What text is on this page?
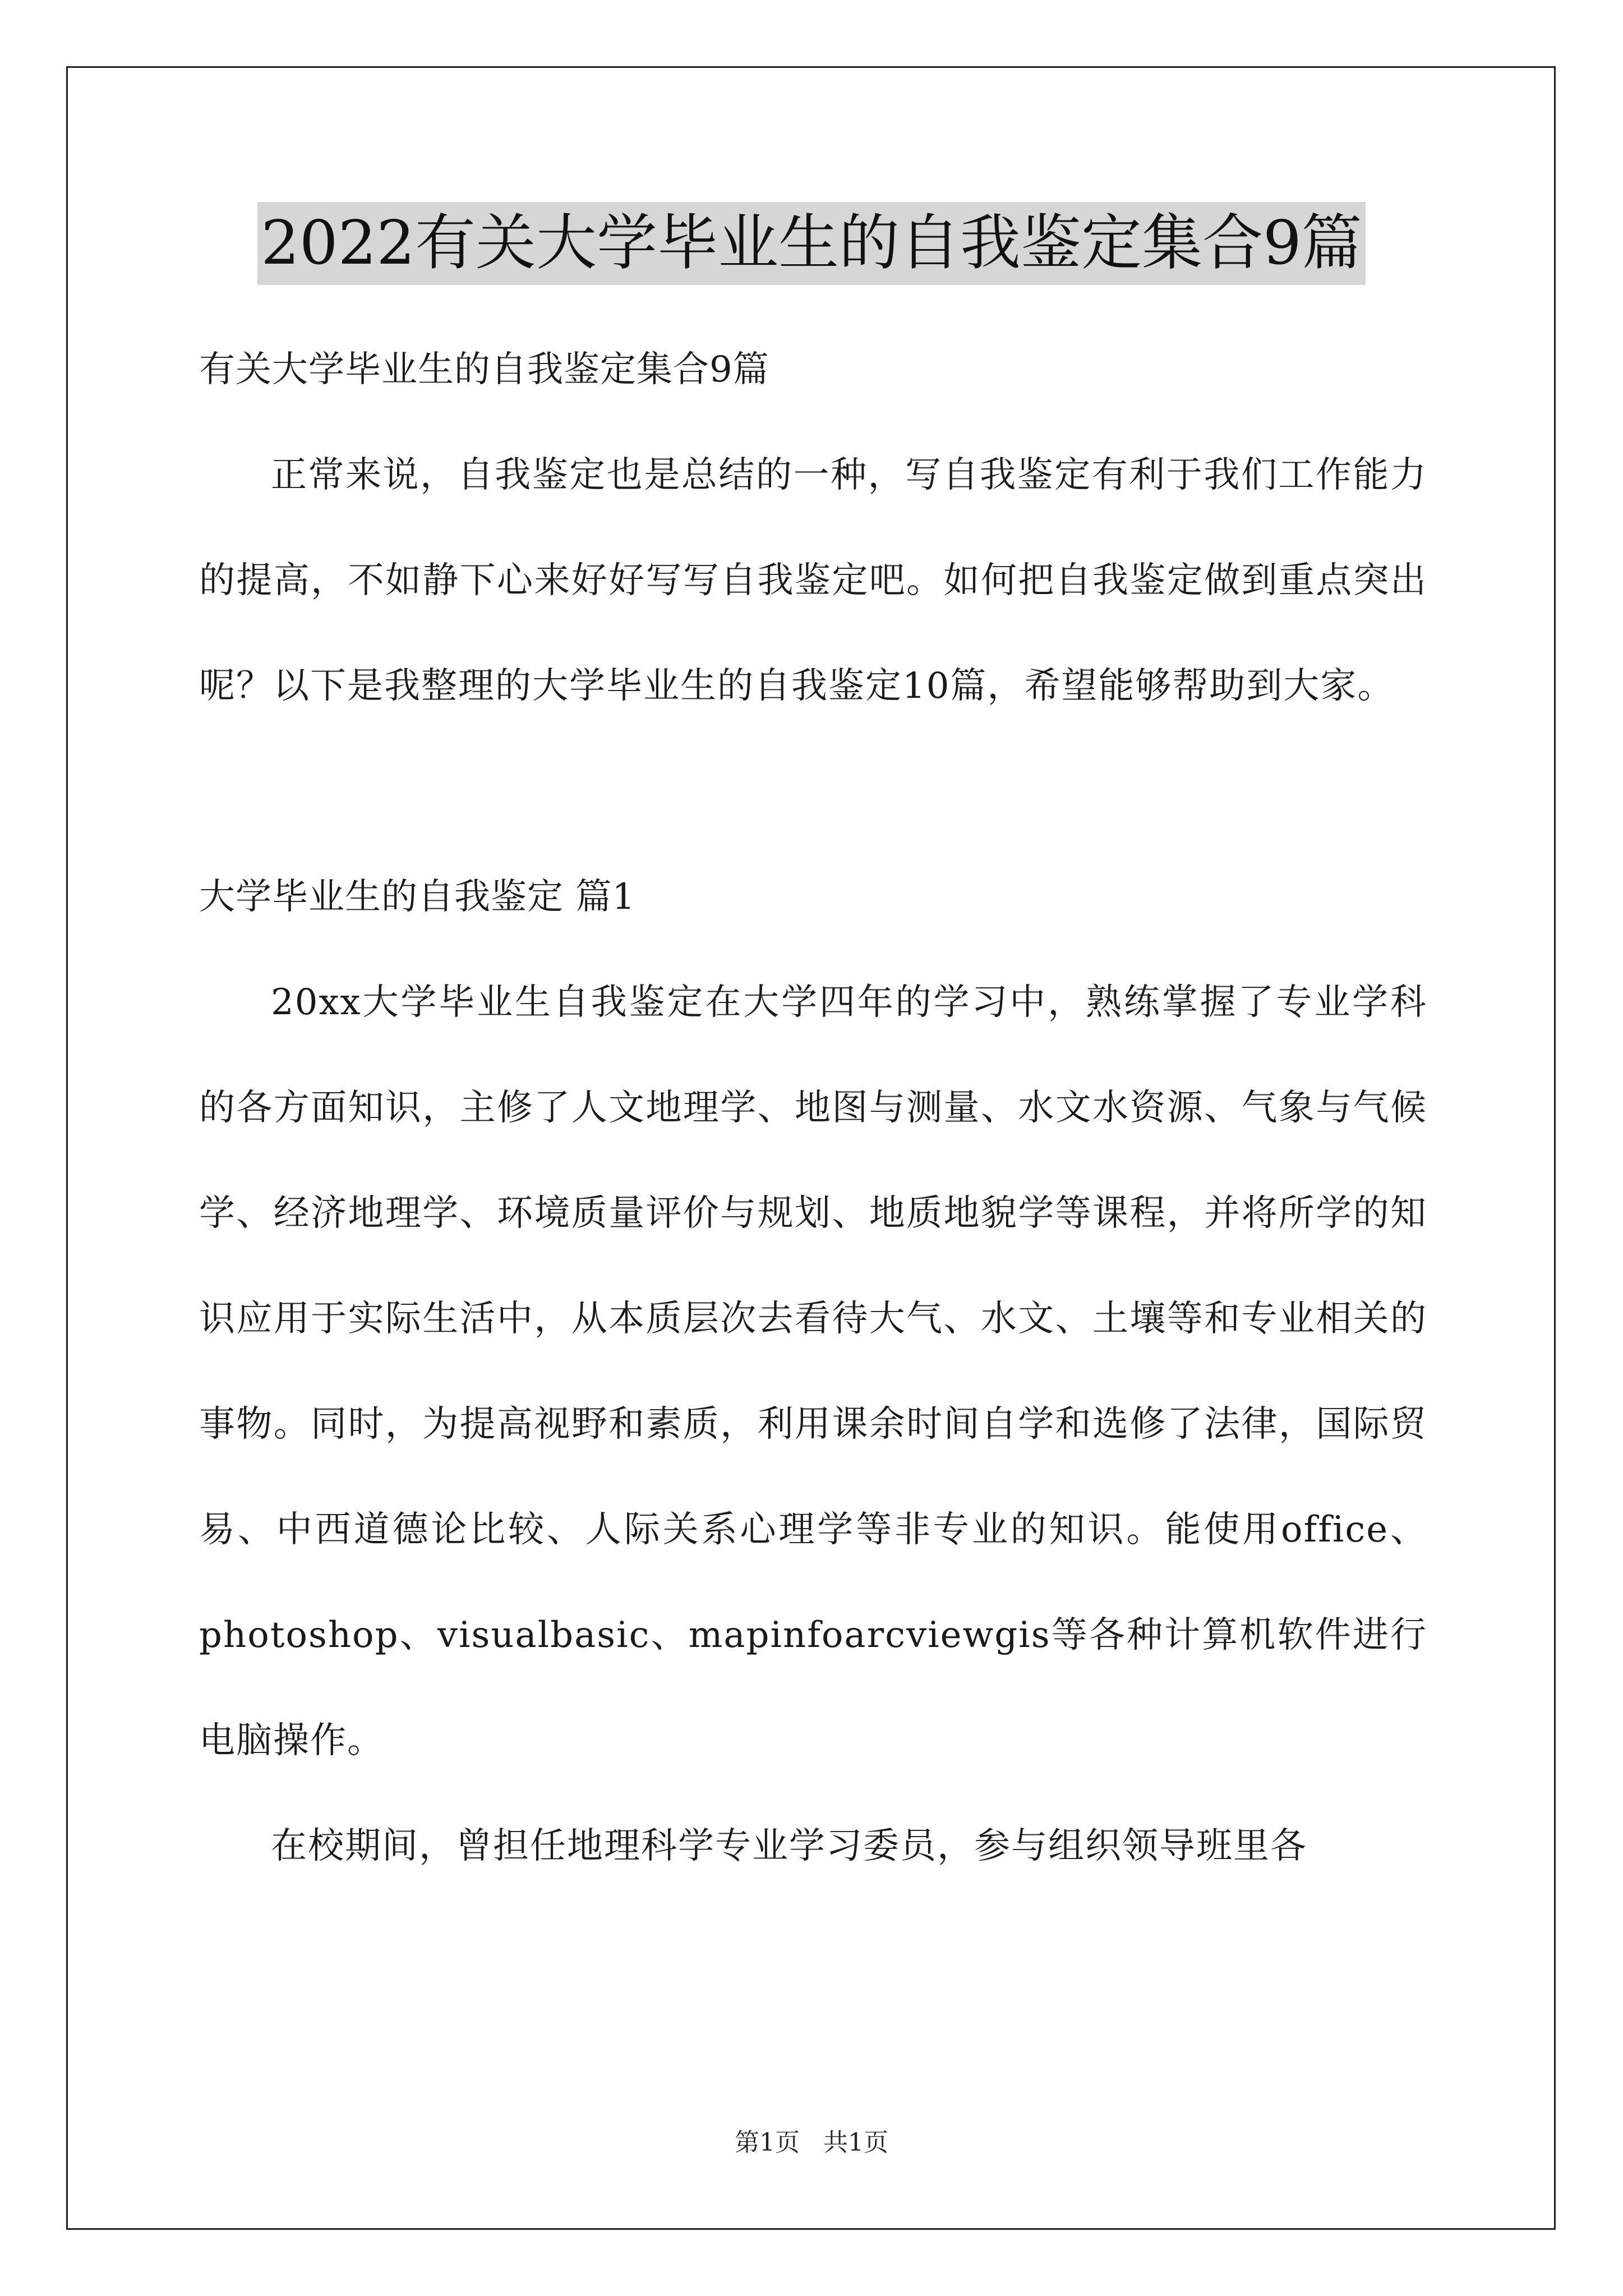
2022有关大学毕业生的自我鉴定集合9篇

有关大学毕业生的自我鉴定集合9篇

正常来说，自我鉴定也是总结的一种，写自我鉴定有利于我们工作能力的提高，不如静下心来好好写写自我鉴定吧。如何把自我鉴定做到重点突出呢？以下是我整理的大学毕业生的自我鉴定10篇，希望能够帮助到大家。

大学毕业生的自我鉴定 篇1

20xx大学毕业生自我鉴定在大学四年的学习中，熟练掌握了专业学科的各方面知识，主修了人文地理学、地图与测量、水文水资源、气象与气候学、经济地理学、环境质量评价与规划、地质地貌学等课程，并将所学的知识应用于实际生活中，从本质层次去看待大气、水文、土壤等和专业相关的事物。同时，为提高视野和素质，利用课余时间自学和选修了法律，国际贸易、中西道德论比较、人际关系心理学等非专业的知识。能使用office、photoshop、visualbasic、mapinfoarcviewgis等各种计算机软件进行电脑操作。

在校期间，曾担任地理科学专业学习委员，参与组织领导班里各

第1页   共1页
